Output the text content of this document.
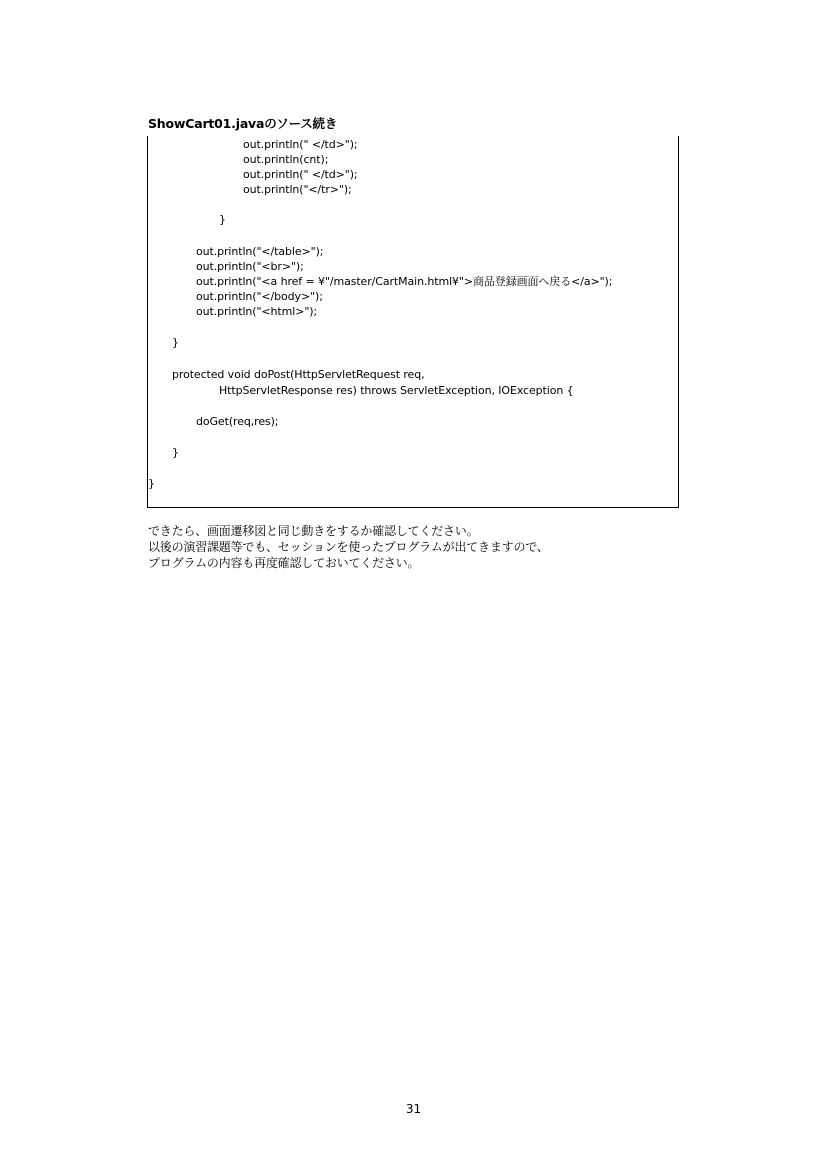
ShowCart01.javaのソース続き
out.println(" </td>");
out.println(cnt);
out.println(" </td>");
out.println("</tr>");
}
out.println("</table>");
out.println("<br>");
out.println("<a href = ¥"/master/CartMain.html¥">商品登録画面へ戻る</a>");
out.println("</body>");
out.println("<html>");
}
protected void doPost(HttpServletRequest req,
HttpServletResponse res) throws ServletException, IOException {
doGet(req,res);
}
}
できたら、画面遷移図と同じ動きをするか確認してください。
以後の演習課題等でも、セッションを使ったプログラムが出てきますので、
プログラムの内容も再度確認しておいてください。
31
